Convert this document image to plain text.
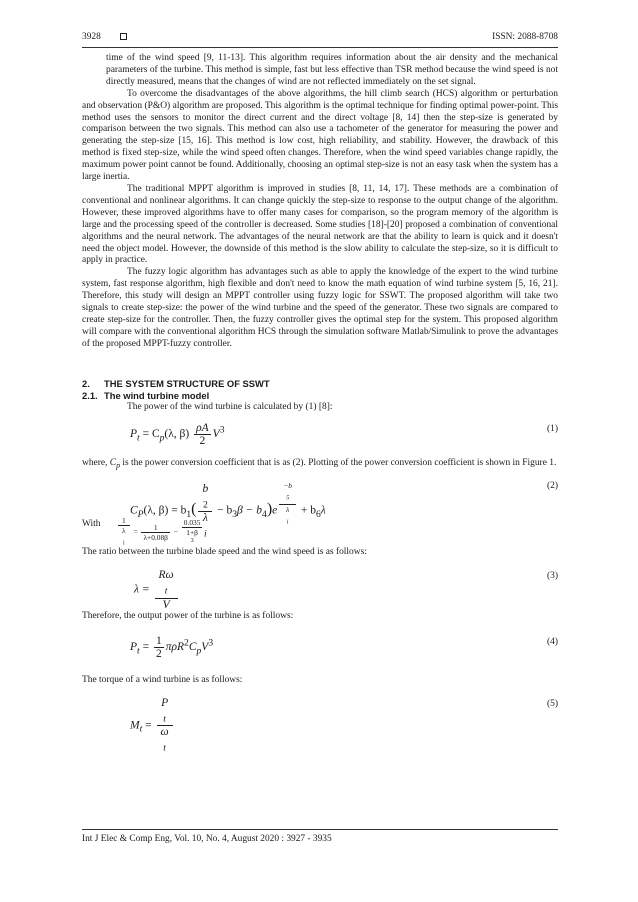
3928	ISSN: 2088-8708

time of the wind speed [9, 11-13]. This algorithm requires information about the air density and the mechanical parameters of the turbine. This method is simple, fast but less effective than TSR method because the wind speed is not directly measured, means that the changes of wind are not reflected immediately on the set signal.

To overcome the disadvantages of the above algorithms, the hill climb search (HCS) algorithm or perturbation and observation (P&O) algorithm are proposed. This algorithm is the optimal technique for finding optimal power-point. This method uses the sensors to monitor the direct current and the direct voltage [8, 14] then the step-size is generated by comparison between the two signals. This method can also use a tachometer of the generator for measuring the power and generating the step-size [15, 16]. This method is low cost, high reliability, and stability. However, the drawback of this method is fixed step-size, while the wind speed often changes. Therefore, when the wind speed variables change rapidly, the maximum power point cannot be found. Additionally, choosing an optimal step-size is not an easy task when the system has a large inertia.

The traditional MPPT algorithm is improved in studies [8, 11, 14, 17]. These methods are a combination of conventional and nonlinear algorithms. It can change quickly the step-size to response to the output change of the algorithm. However, these improved algorithms have to offer many cases for comparison, so the program memory of the algorithm is large and the processing speed of the controller is decreased. Some studies [18]-[20] proposed a combination of conventional algorithms and the neural network. The advantages of the neural network are that the ability to learn is quick and it doesn't need the object model. However, the downside of this method is the slow ability to calculate the step-size, so it is difficult to apply in practice.

The fuzzy logic algorithm has advantages such as able to apply the knowledge of the expert to the wind turbine system, fast response algorithm, high flexible and don't need to know the math equation of wind turbine system [5, 16, 21]. Therefore, this study will design an MPPT controller using fuzzy logic for SSWT. The proposed algorithm will take two signals to create step-size: the power of the wind turbine and the speed of the generator. These two signals are compared to create step-size for the controller. Then, the fuzzy controller gives the optimal step for the system. This proposed algorithm will compare with the conventional algorithm HCS through the simulation software Matlab/Simulink to prove the advantages of the proposed MPPT-fuzzy controller.

2. THE SYSTEM STRUCTURE OF SSWT

2.1. The wind turbine model

The power of the wind turbine is calculated by (1) [8]:

$P_t = C_p(\lambda$, $\beta) \frac{\rho A}{2} V^3$	(1)

where, $C_p$ is the power conversion coefficient that is as (2). Plotting of the power conversion coefficient is shown in Figure 1.

$C_P(\lambda$, $\beta) = b_1$( b
$_2$
λ
$_i - b_3\beta - b_4)e$ $^{-b _5 \lambda _i} + b_6\lambda$
(2)
With 1
λ
$_i = \frac{1}{\lambda+0.08\beta} - 0.035$
1+β
$^3$

The ratio between the turbine blade speed and the wind speed is as follows:

λ = Rω
$_t$
V	(3)

Therefore, the output power of the turbine is as follows:

$P_t = \frac{1}{2} \pi\rho R^2C_pV^3$	(4)

The torque of a wind turbine is as follows:

$M_t = P$
$_t$
ω
$_t$	(5)
Int J Elec & Comp Eng, Vol. 10, No. 4, August 2020 : 3927 - 3935
